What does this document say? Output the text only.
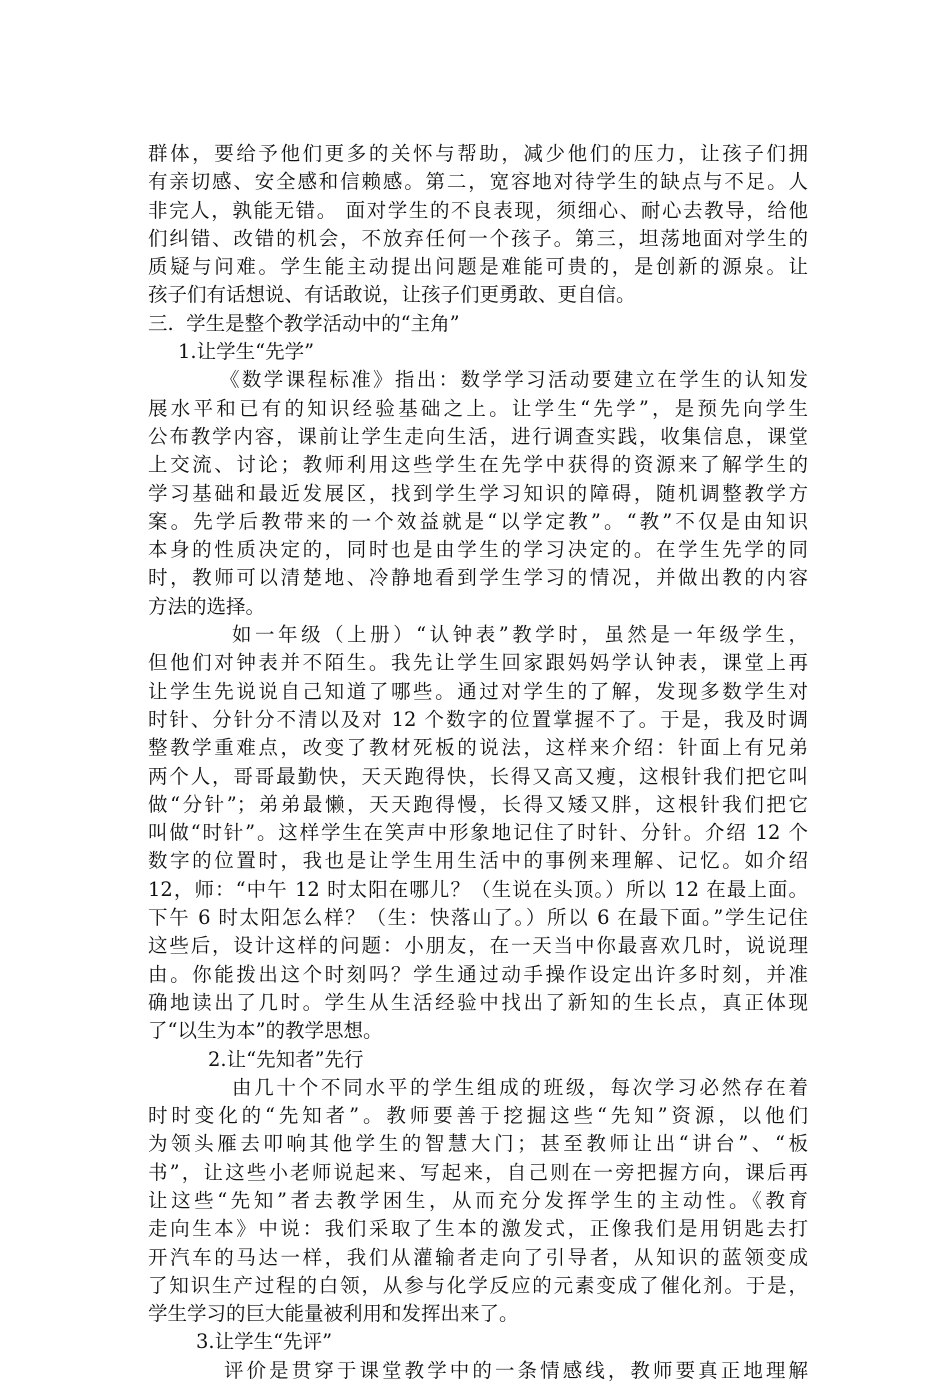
群体，要给予他们更多的关怀与帮助，减少他们的压力，让孩子们拥
有亲切感、安全感和信赖感。第二，宽容地对待学生的缺点与不足。人
非完人，孰能无错。 面对学生的不良表现，须细心、耐心去教导，给他
们纠错、改错的机会，不放弃任何一个孩子。第三，坦荡地面对学生的
质疑与问难。学生能主动提出问题是难能可贵的，是创新的源泉。让
孩子们有话想说、有话敢说，让孩子们更勇敢、更自信。
三.  学生是整个教学活动中的“主角”
1.让学生“先学”
《数学课程标准》指出：数学学习活动要建立在学生的认知发
展水平和已有的知识经验基础之上。让学生“先学”，是预先向学生
公布教学内容，课前让学生走向生活，进行调查实践，收集信息，课堂
上交流、讨论；教师利用这些学生在先学中获得的资源来了解学生的
学习基础和最近发展区，找到学生学习知识的障碍，随机调整教学方
案。先学后教带来的一个效益就是“以学定教”。“教”不仅是由知识
本身的性质决定的，同时也是由学生的学习决定的。在学生先学的同
时，教师可以清楚地、冷静地看到学生学习的情况，并做出教的内容
方法的选择。
如一年级（上册）“认钟表”教学时，虽然是一年级学生，
但他们对钟表并不陌生。我先让学生回家跟妈妈学认钟表，课堂上再
让学生先说说自己知道了哪些。通过对学生的了解，发现多数学生对
时针、分针分不清以及对 12 个数字的位置掌握不了。于是，我及时调
整教学重难点，改变了教材死板的说法，这样来介绍：针面上有兄弟
两个人，哥哥最勤快，天天跑得快，长得又高又瘦，这根针我们把它叫
做“分针”；弟弟最懒，天天跑得慢，长得又矮又胖，这根针我们把它
叫做“时针”。这样学生在笑声中形象地记住了时针、分针。介绍 12 个
数字的位置时，我也是让学生用生活中的事例来理解、记忆。如介绍
12，师：“中午 12 时太阳在哪儿？（生说在头顶。）所以 12 在最上面。
下午 6 时太阳怎么样？（生：快落山了。）所以 6 在最下面。”学生记住
这些后，设计这样的问题：小朋友，在一天当中你最喜欢几时，说说理
由。你能拨出这个时刻吗？学生通过动手操作设定出许多时刻，并准
确地读出了几时。学生从生活经验中找出了新知的生长点，真正体现
了“以生为本”的教学思想。
2.让“先知者”先行
由几十个不同水平的学生组成的班级，每次学习必然存在着
时时变化的“先知者”。教师要善于挖掘这些“先知”资源，以他们
为领头雁去叩响其他学生的智慧大门；甚至教师让出“讲台”、“板
书”，让这些小老师说起来、写起来，自己则在一旁把握方向，课后再
让这些“先知”者去教学困生，从而充分发挥学生的主动性。《教育
走向生本》中说：我们采取了生本的激发式，正像我们是用钥匙去打
开汽车的马达一样，我们从灌输者走向了引导者，从知识的蓝领变成
了知识生产过程的白领，从参与化学反应的元素变成了催化剂。于是，
学生学习的巨大能量被利用和发挥出来了。
3.让学生“先评”
评价是贯穿于课堂教学中的一条情感线，教师要真正地理解
